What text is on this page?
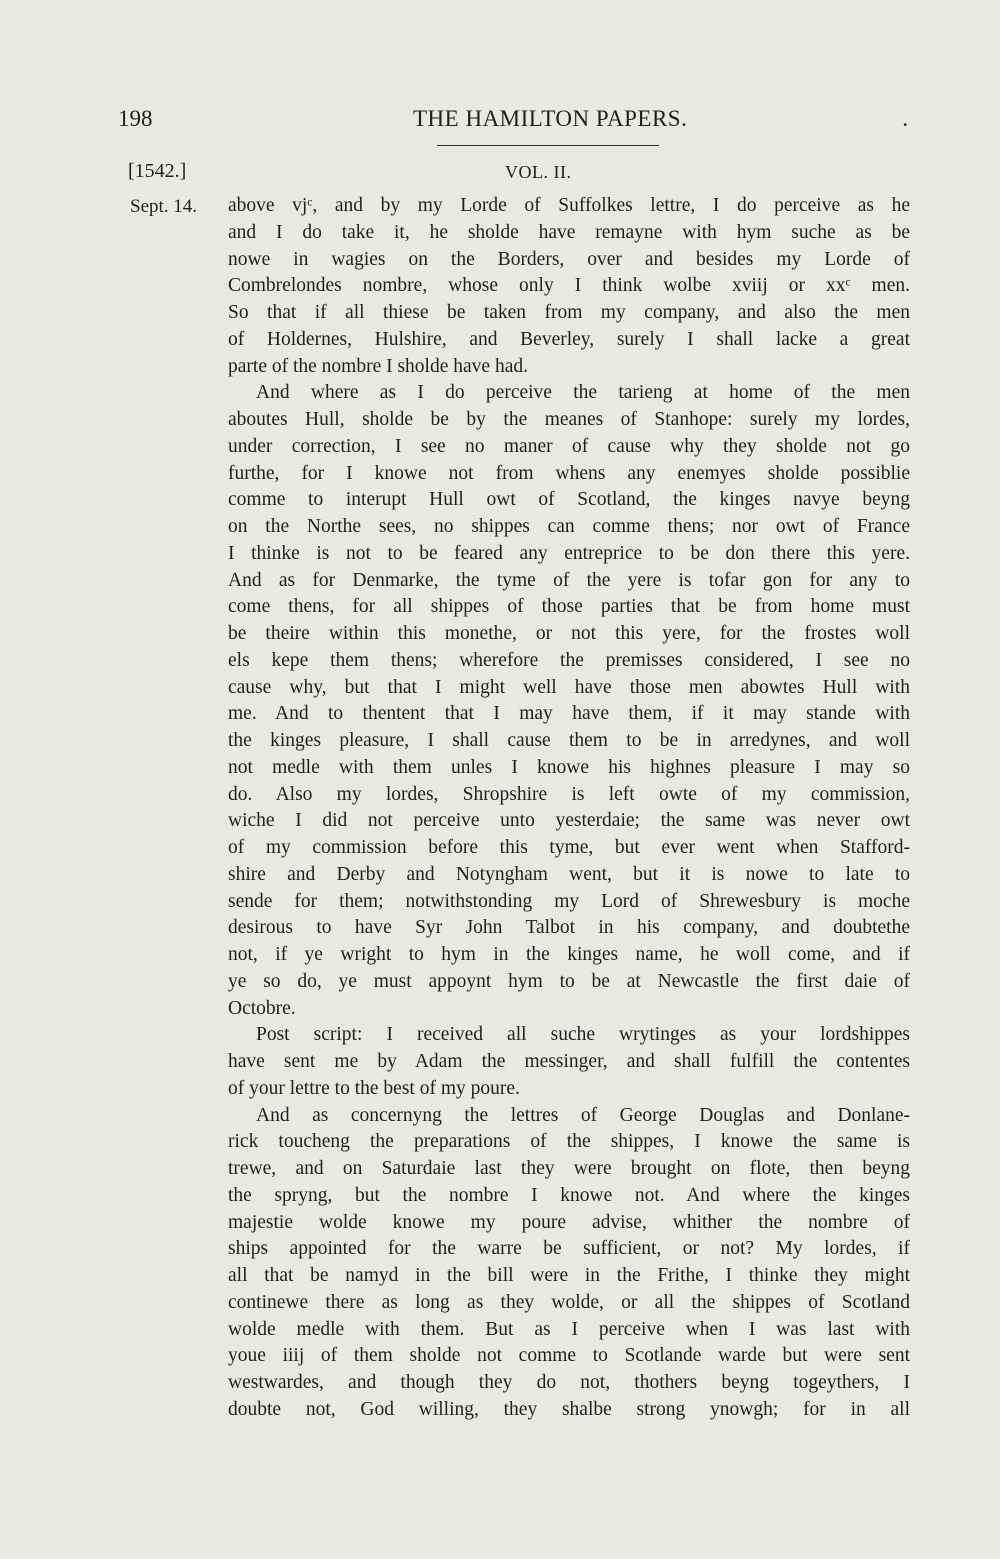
198	THE HAMILTON PAPERS.	.
[1542.]	VOL. II.
Sept. 14. above vjᶜ, and by my Lorde of Suffolkes lettre, I do perceive as he
and I do take it, he sholde have remayne with hym suche as be
nowe in wagies on the Borders, over and besides my Lorde of
Combrelondes nombre, whose only I think wolbe xviij or xxᶜ men.
So that if all thiese be taken from my company, and also the men
of Holdernes, Hulshire, and Beverley, surely I shall lacke a great
parte of the nombre I sholde have had.
And where as I do perceive the tarieng at home of the men
aboutes Hull, sholde be by the meanes of Stanhope: surely my lordes,
under correction, I see no maner of cause why they sholde not go
furthe, for I knowe not from whens any enemyes sholde possiblie
comme to interupt Hull owt of Scotland, the kinges navye beyng
on the Northe sees, no shippes can comme thens; nor owt of France
I thinke is not to be feared any entreprice to be don there this yere.
And as for Denmarke, the tyme of the yere is tofar gon for any to
come thens, for all shippes of those parties that be from home must
be theire within this monethe, or not this yere, for the frostes woll
els kepe them thens; wherefore the premisses considered, I see no
cause why, but that I might well have those men abowtes Hull with
me. And to thentent that I may have them, if it may stande with
the kinges pleasure, I shall cause them to be in arredynes, and woll
not medle with them unles I knowe his highnes pleasure I may so
do. Also my lordes, Shropshire is left owte of my commission,
wiche I did not perceive unto yesterdaie; the same was never owt
of my commission before this tyme, but ever went when Stafford-
shire and Derby and Notyngham went, but it is nowe to late to
sende for them; notwithstonding my Lord of Shrewesbury is moche
desirous to have Syr John Talbot in his company, and doubtethe
not, if ye wright to hym in the kinges name, he woll come, and if
ye so do, ye must appoynt hym to be at Newcastle the first daie of
Octobre.
Post script: I received all suche wrytinges as your lordshippes
have sent me by Adam the messinger, and shall fulfill the contentes
of your lettre to the best of my poure.
And as concernyng the lettres of George Douglas and Donlane-
rick toucheng the preparations of the shippes, I knowe the same is
trewe, and on Saturdaie last they were brought on flote, then beyng
the spryng, but the nombre I knowe not. And where the kinges
majestie wolde knowe my poure advise, whither the nombre of
ships appointed for the warre be sufficient, or not? My lordes, if
all that be namyd in the bill were in the Frithe, I thinke they might
continewe there as long as they wolde, or all the shippes of Scotland
wolde medle with them. But as I perceive when I was last with
youe iiij of them sholde not comme to Scotlande warde but were sent
westwardes, and though they do not, thothers beyng togeythers, I
doubte not, God willing, they shalbe strong ynowgh; for in all
